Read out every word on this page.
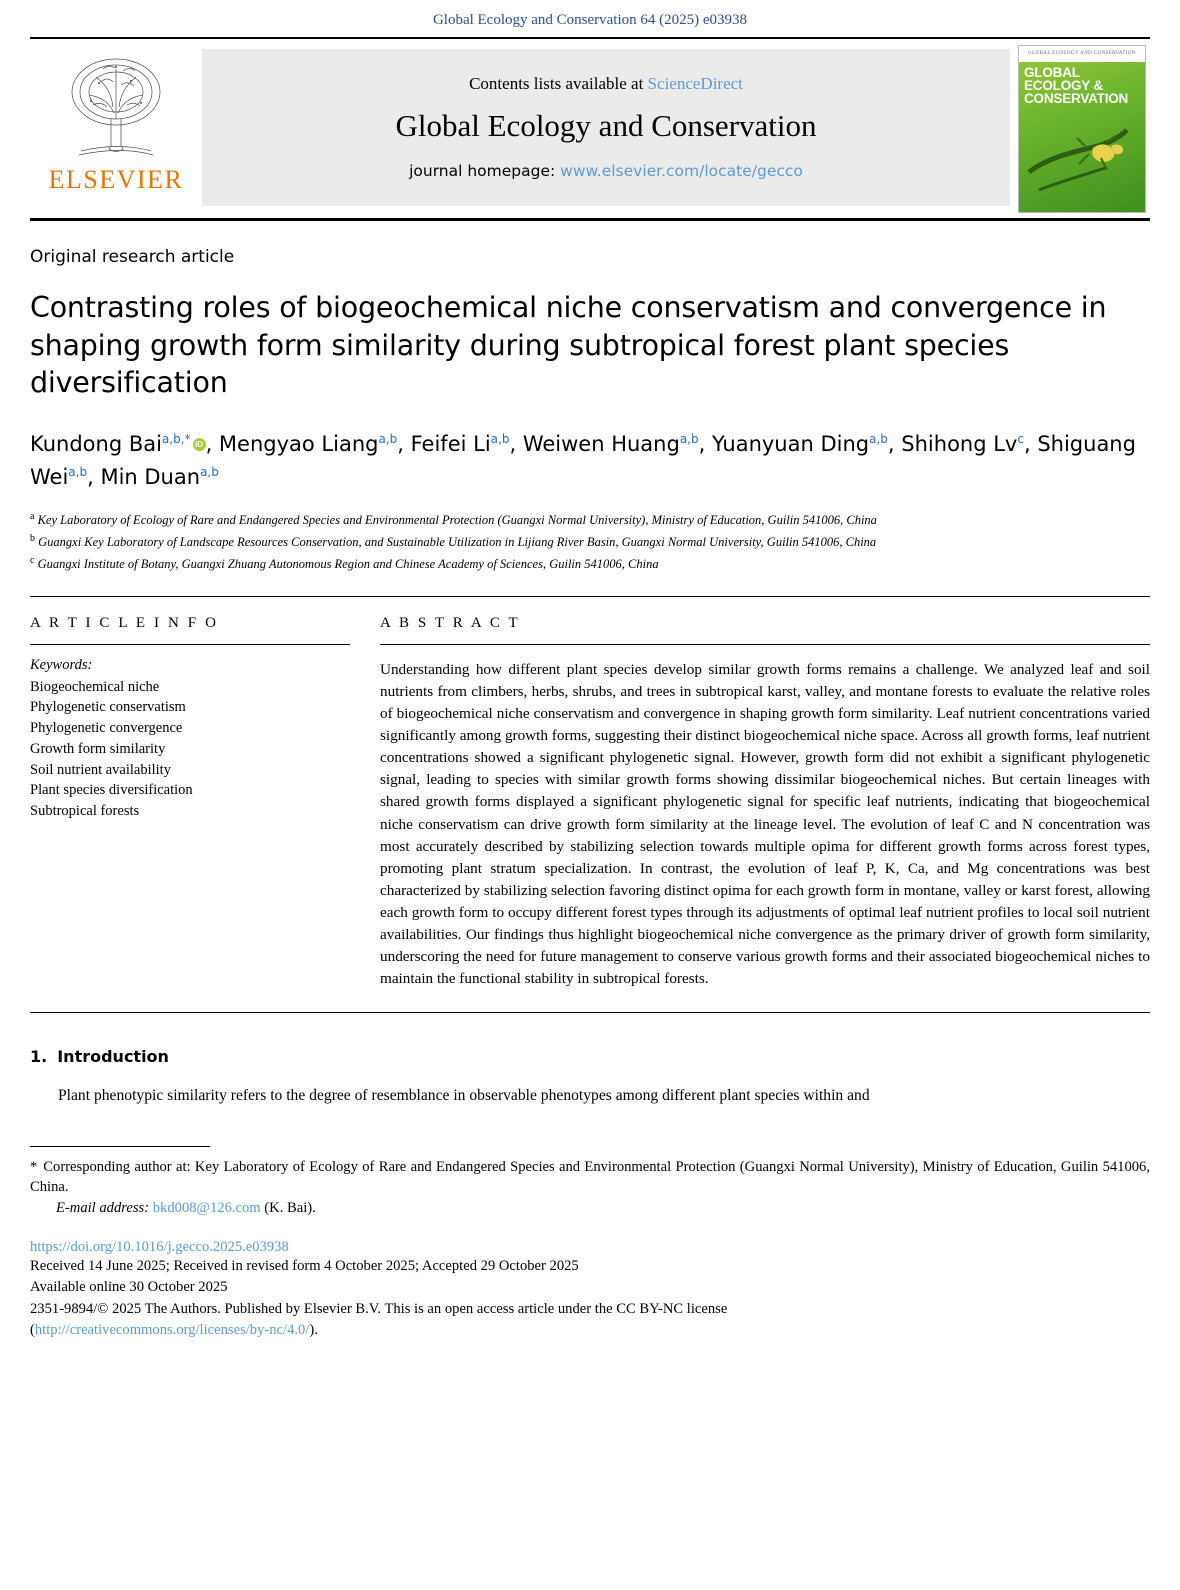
Global Ecology and Conservation 64 (2025) e03938
ELSEVIER
Contents lists available at ScienceDirect
Global Ecology and Conservation
journal homepage: www.elsevier.com/locate/gecco
GLOBAL ECOLOGY AND CONSERVATION
GLOBAL
ECOLOGY &
CONSERVATION
Original research article
Contrasting roles of biogeochemical niche conservatism and convergence in shaping growth form similarity during subtropical forest plant species diversification
Kundong Bai$^{a,b,*}$ iD , Mengyao Liang$^{a,b}$, Feifei Li$^{a,b}$, Weiwen Huang$^{a,b}$, Yuanyuan Ding$^{a,b}$, Shihong Lv$^c$, Shiguang Wei$^{a,b}$, Min Duan$^{a,b}$
$^a$ Key Laboratory of Ecology of Rare and Endangered Species and Environmental Protection (Guangxi Normal University), Ministry of Education, Guilin 541006, China
$^b$ Guangxi Key Laboratory of Landscape Resources Conservation, and Sustainable Utilization in Lijiang River Basin, Guangxi Normal University, Guilin 541006, China
$^c$ Guangxi Institute of Botany, Guangxi Zhuang Autonomous Region and Chinese Academy of Sciences, Guilin 541006, China
A R T I C L E I N F O
Keywords:
Biogeochemical niche
Phylogenetic conservatism
Phylogenetic convergence
Growth form similarity
Soil nutrient availability
Plant species diversification
Subtropical forests
A B S T R A C T
Understanding how different plant species develop similar growth forms remains a challenge. We analyzed leaf and soil nutrients from climbers, herbs, shrubs, and trees in subtropical karst, valley, and montane forests to evaluate the relative roles of biogeochemical niche conservatism and convergence in shaping growth form similarity. Leaf nutrient concentrations varied significantly among growth forms, suggesting their distinct biogeochemical niche space. Across all growth forms, leaf nutrient concentrations showed a significant phylogenetic signal. However, growth form did not exhibit a significant phylogenetic signal, leading to species with similar growth forms showing dissimilar biogeochemical niches. But certain lineages with shared growth forms displayed a significant phylogenetic signal for specific leaf nutrients, indicating that biogeochemical niche conservatism can drive growth form similarity at the lineage level. The evolution of leaf C and N concentration was most accurately described by stabilizing selection towards multiple opima for different growth forms across forest types, promoting plant stratum specialization. In contrast, the evolution of leaf P, K, Ca, and Mg concentrations was best characterized by stabilizing selection favoring distinct opima for each growth form in montane, valley or karst forest, allowing each growth form to occupy different forest types through its adjustments of optimal leaf nutrient profiles to local soil nutrient availabilities. Our findings thus highlight biogeochemical niche convergence as the primary driver of growth form similarity, underscoring the need for future management to conserve various growth forms and their associated biogeochemical niches to maintain the functional stability in subtropical forests.
1. Introduction
Plant phenotypic similarity refers to the degree of resemblance in observable phenotypes among different plant species within and
* Corresponding author at: Key Laboratory of Ecology of Rare and Endangered Species and Environmental Protection (Guangxi Normal University), Ministry of Education, Guilin 541006, China.
E-mail address: bkd008@126.com (K. Bai).
https://doi.org/10.1016/j.gecco.2025.e03938
Received 14 June 2025; Received in revised form 4 October 2025; Accepted 29 October 2025
Available online 30 October 2025
2351-9894/© 2025 The Authors. Published by Elsevier B.V. This is an open access article under the CC BY-NC license
(http://creativecommons.org/licenses/by-nc/4.0/).
